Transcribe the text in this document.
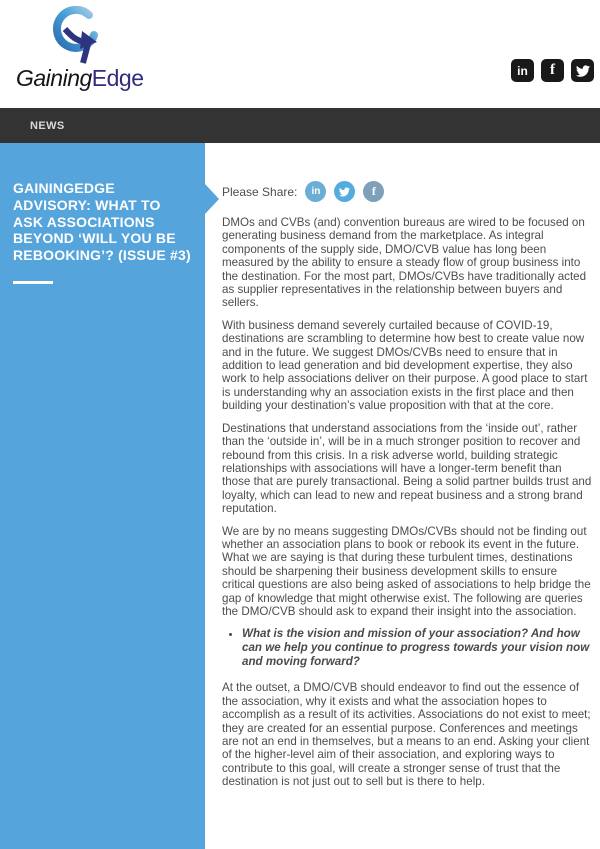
GainingEdge	in	f
NEWS
GAININGEDGE ADVISORY: WHAT TO ASK ASSOCIATIONS BEYOND ‘WILL YOU BE REBOOKING’? (ISSUE #3)
Please Share:	in	f

DMOs and CVBs (and) convention bureaus are wired to be focused on generating business demand from the marketplace. As integral components of the supply side, DMO/CVB value has long been measured by the ability to ensure a steady flow of group business into the destination. For the most part, DMOs/CVBs have traditionally acted as supplier representatives in the relationship between buyers and sellers.

With business demand severely curtailed because of COVID-19, destinations are scrambling to determine how best to create value now and in the future. We suggest DMOs/CVBs need to ensure that in addition to lead generation and bid development expertise, they also work to help associations deliver on their purpose. A good place to start is understanding why an association exists in the first place and then building your destination’s value proposition with that at the core.

Destinations that understand associations from the ‘inside out’, rather than the ‘outside in’, will be in a much stronger position to recover and rebound from this crisis. In a risk adverse world, building strategic relationships with associations will have a longer-term benefit than those that are purely transactional. Being a solid partner builds trust and loyalty, which can lead to new and repeat business and a strong brand reputation.

We are by no means suggesting DMOs/CVBs should not be finding out whether an association plans to book or rebook its event in the future. What we are saying is that during these turbulent times, destinations should be sharpening their business development skills to ensure critical questions are also being asked of associations to help bridge the gap of knowledge that might otherwise exist. The following are queries the DMO/CVB should ask to expand their insight into the association.

• What is the vision and mission of your association? And how can we help you continue to progress towards your vision now and moving forward?

At the outset, a DMO/CVB should endeavor to find out the essence of the association, why it exists and what the association hopes to accomplish as a result of its activities. Associations do not exist to meet; they are created for an essential purpose. Conferences and meetings are not an end in themselves, but a means to an end. Asking your client of the higher-level aim of their association, and exploring ways to contribute to this goal, will create a stronger sense of trust that the destination is not just out to sell but is there to help.
